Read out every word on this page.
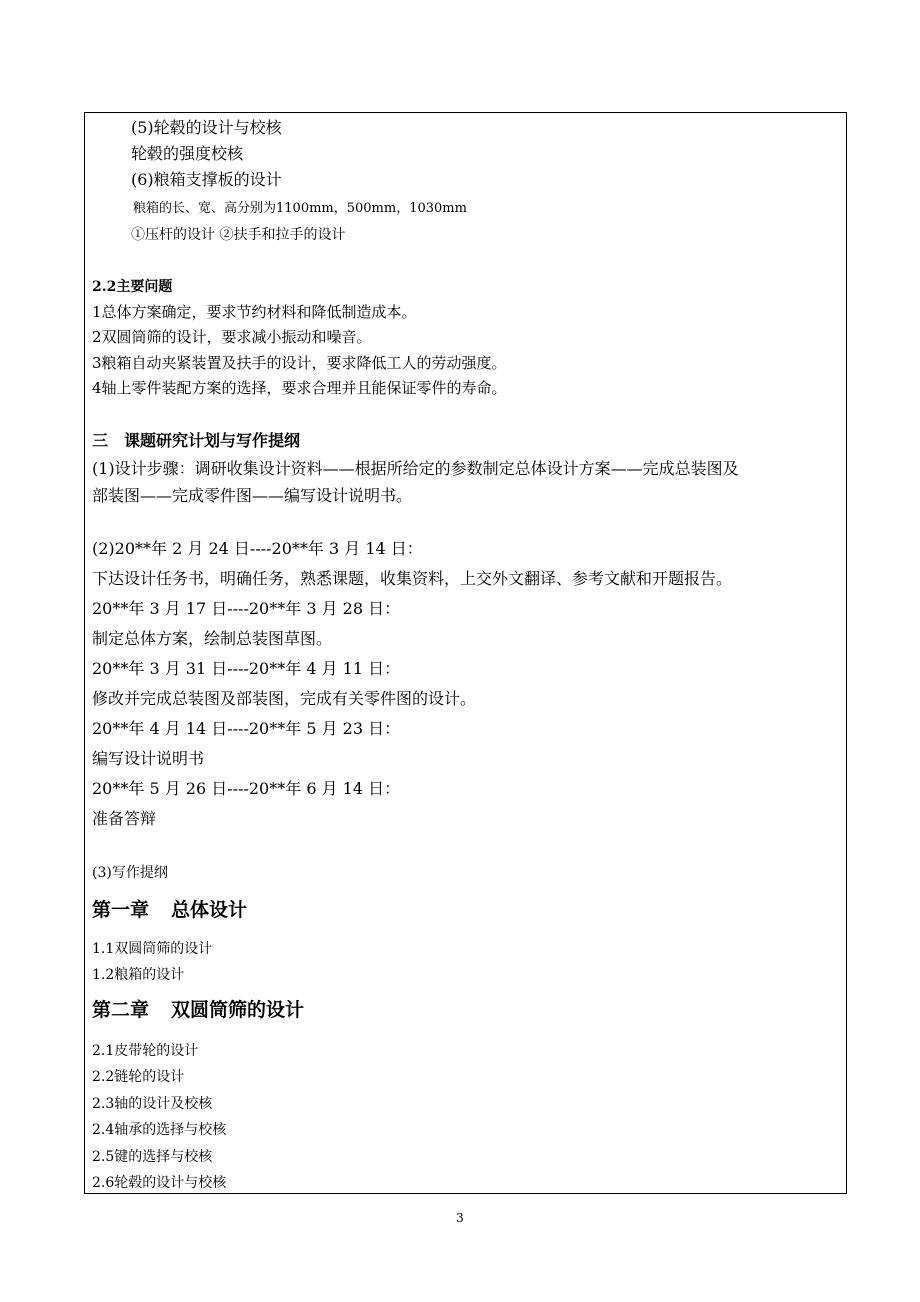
(5)轮毂的设计与校核
轮毂的强度校核
(6)粮箱支撑板的设计
粮箱的长、宽、高分别为1100mm，500mm，1030mm
①压杆的设计 ②扶手和拉手的设计
2.2主要问题
1总体方案确定，要求节约材料和降低制造成本。
2双圆筒筛的设计，要求减小振动和噪音。
3粮箱自动夹紧装置及扶手的设计，要求降低工人的劳动强度。
4轴上零件装配方案的选择，要求合理并且能保证零件的寿命。
三　课题研究计划与写作提纲
(1)设计步骤：调研收集设计资料——根据所给定的参数制定总体设计方案——完成总装图及
部装图——完成零件图——编写设计说明书。
(2)20**年 2 月 24 日----20**年 3 月 14 日：
下达设计任务书，明确任务，熟悉课题，收集资料，上交外文翻译、参考文献和开题报告。
20**年 3 月 17 日----20**年 3 月 28 日：
制定总体方案，绘制总装图草图。
20**年 3 月 31 日----20**年 4 月 11 日：
修改并完成总装图及部装图，完成有关零件图的设计。
20**年 4 月 14 日----20**年 5 月 23 日：
编写设计说明书
20**年 5 月 26 日----20**年 6 月 14 日：
准备答辩
(3)写作提纲
第一章 总体设计
1.1双圆筒筛的设计
1.2粮箱的设计
第二章 双圆筒筛的设计
2.1皮带轮的设计
2.2链轮的设计
2.3轴的设计及校核
2.4轴承的选择与校核
2.5键的选择与校核
2.6轮毂的设计与校核
3
